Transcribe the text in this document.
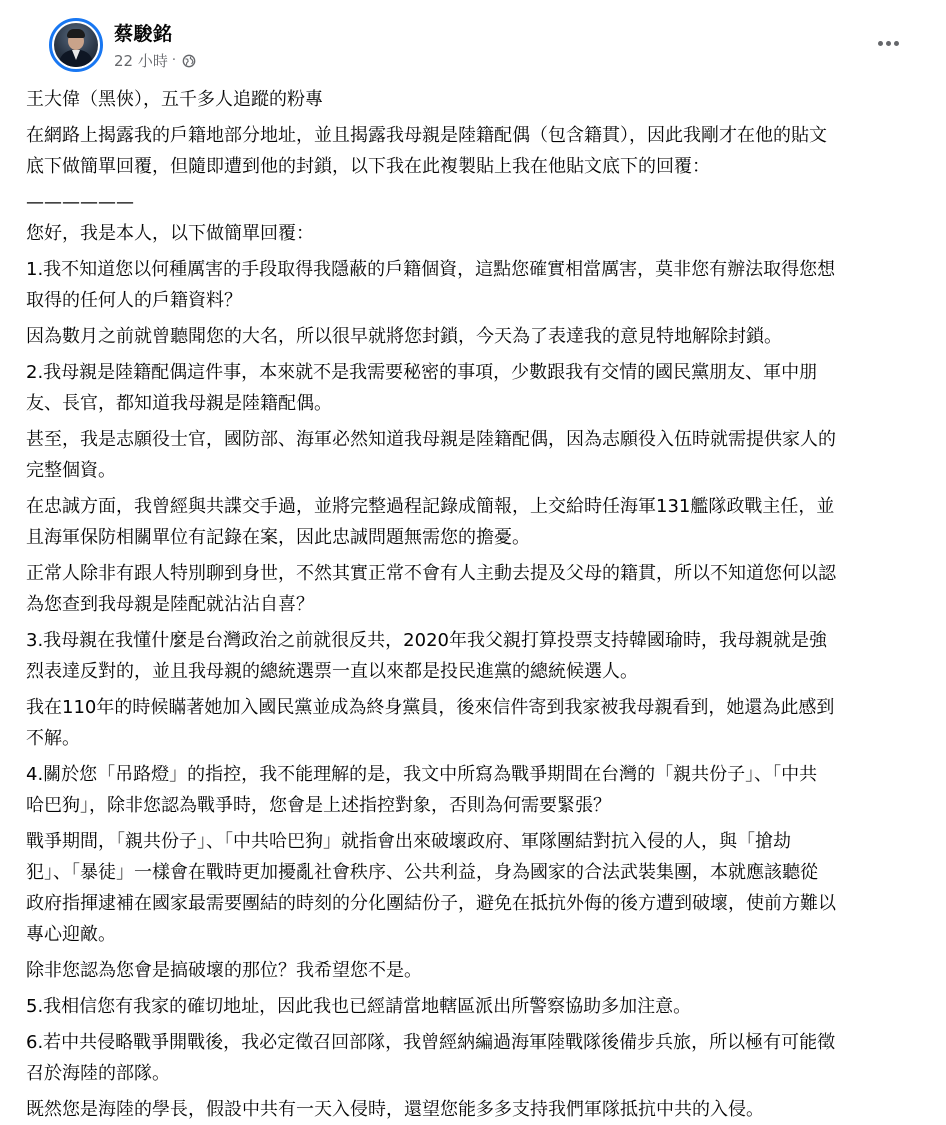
蔡駿銘
22 小時 ·

王大偉（黑俠），五千多人追蹤的粉專

在網路上揭露我的戶籍地部分地址，並且揭露我母親是陸籍配偶（包含籍貫），因此我剛才在他的貼文
底下做簡單回覆，但隨即遭到他的封鎖，以下我在此複製貼上我在他貼文底下的回覆：

——————
您好，我是本人，以下做簡單回覆：

1.我不知道您以何種厲害的手段取得我隱蔽的戶籍個資，這點您確實相當厲害，莫非您有辦法取得您想
取得的任何人的戶籍資料？

因為數月之前就曾聽聞您的大名，所以很早就將您封鎖，今天為了表達我的意見特地解除封鎖。

2.我母親是陸籍配偶這件事，本來就不是我需要秘密的事項，少數跟我有交情的國民黨朋友、軍中朋
友、長官，都知道我母親是陸籍配偶。

甚至，我是志願役士官，國防部、海軍必然知道我母親是陸籍配偶，因為志願役入伍時就需提供家人的
完整個資。

在忠誠方面，我曾經與共諜交手過，並將完整過程記錄成簡報，上交給時任海軍131艦隊政戰主任，並
且海軍保防相關單位有記錄在案，因此忠誠問題無需您的擔憂。

正常人除非有跟人特別聊到身世，不然其實正常不會有人主動去提及父母的籍貫，所以不知道您何以認
為您查到我母親是陸配就沾沾自喜？

3.我母親在我懂什麼是台灣政治之前就很反共，2020年我父親打算投票支持韓國瑜時，我母親就是強
烈表達反對的，並且我母親的總統選票一直以來都是投民進黨的總統候選人。

我在110年的時候瞞著她加入國民黨並成為終身黨員，後來信件寄到我家被我母親看到，她還為此感到
不解。

4.關於您「吊路燈」的指控，我不能理解的是，我文中所寫為戰爭期間在台灣的「親共份子」、「中共
哈巴狗」，除非您認為戰爭時，您會是上述指控對象，否則為何需要緊張？

戰爭期間，「親共份子」、「中共哈巴狗」就指會出來破壞政府、軍隊團結對抗入侵的人，與「搶劫
犯」、「暴徒」一樣會在戰時更加擾亂社會秩序、公共利益，身為國家的合法武裝集團，本就應該聽從
政府指揮逮補在國家最需要團結的時刻的分化團結份子，避免在抵抗外侮的後方遭到破壞，使前方難以
專心迎敵。

除非您認為您會是搞破壞的那位？我希望您不是。

5.我相信您有我家的確切地址，因此我也已經請當地轄區派出所警察協助多加注意。

6.若中共侵略戰爭開戰後，我必定徵召回部隊，我曾經納編過海軍陸戰隊後備步兵旅，所以極有可能徵
召於海陸的部隊。

既然您是海陸的學長，假設中共有一天入侵時，還望您能多多支持我們軍隊抵抗中共的入侵。
